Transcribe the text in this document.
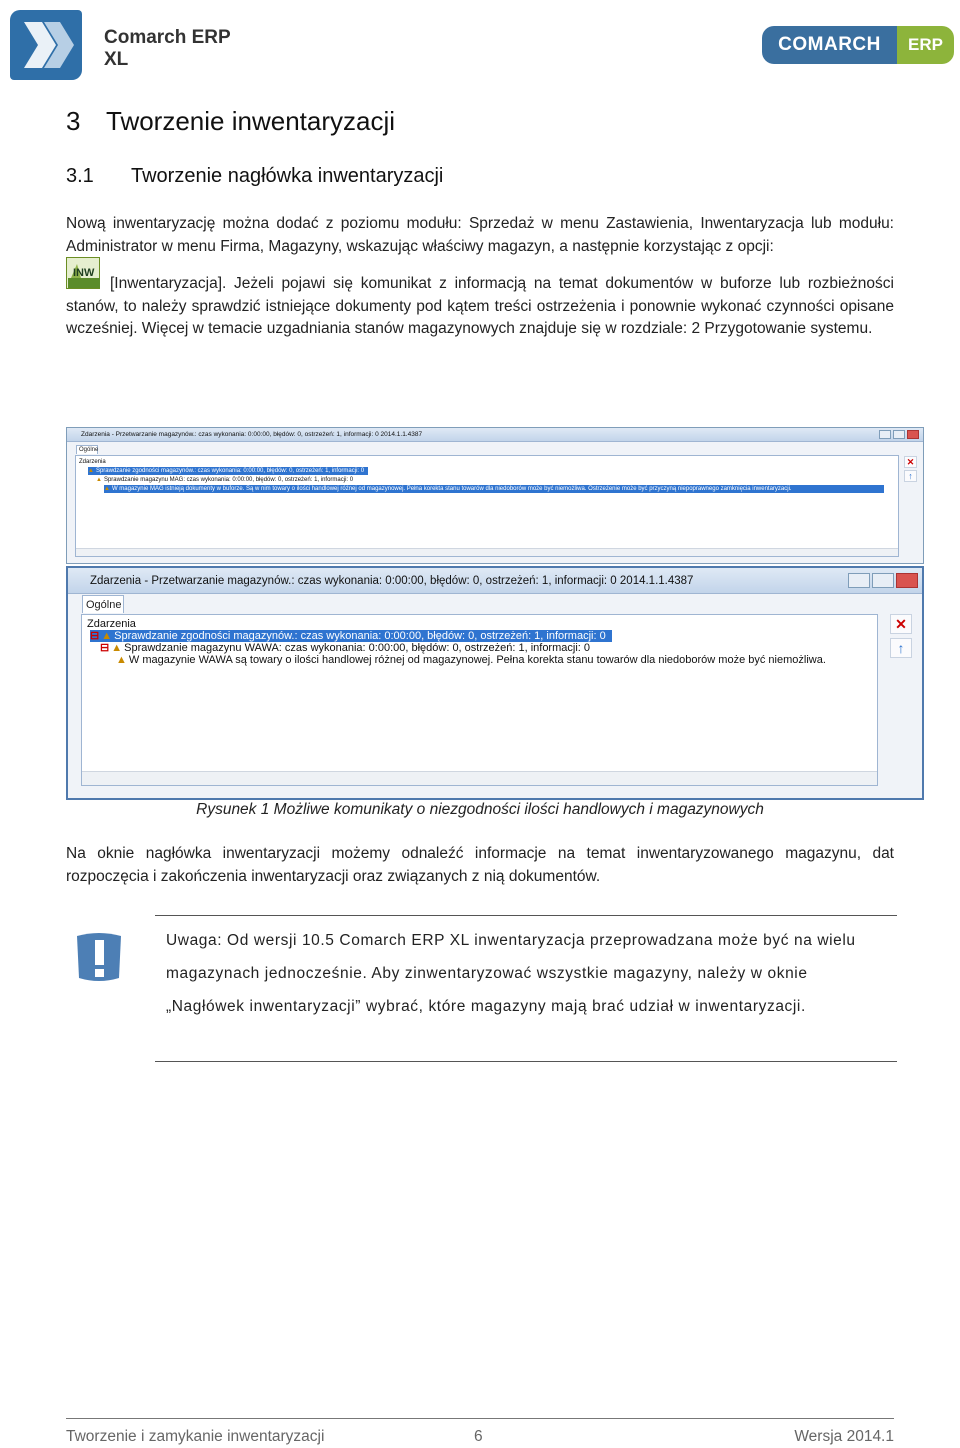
Comarch ERP
XL
COMARCH	ERP
3 Tworzenie inwentaryzacji
3.1 Tworzenie nagłówka inwentaryzacji
Nową inwentaryzację można dodać z poziomu modułu: Sprzedaż w menu Zastawienia, Inwentaryzacja lub modułu: Administrator w menu Firma, Magazyny, wskazując właściwy magazyn, a następnie korzystając z opcji:
[Inwentaryzacja]. Jeżeli pojawi się komunikat z informacją na temat dokumentów w buforze lub rozbieżności stanów, to należy sprawdzić istniejące dokumenty pod kątem treści ostrzeżenia i ponownie wykonać czynności opisane wcześniej. Więcej w temacie uzgadniania stanów magazynowych znajduje się w rozdziale: 2 Przygotowanie systemu.
INW
Zdarzenia - Przetwarzanie magazynów.: czas wykonania: 0:00:00, błędów: 0, ostrzeżeń: 1, informacji: 0 2014.1.1.4387
Ogólne
Zdarzenia
▲ Sprawdzanie zgodności magazynów.: czas wykonania: 0:00:00, błędów: 0, ostrzeżeń: 1, informacji: 0
▲ Sprawdzanie magazynu MAG: czas wykonania: 0:00:00, błędów: 0, ostrzeżeń: 1, informacji: 0
▲ W magazynie MAG istnieją dokumenty w buforze. Są w nim towary o ilości handlowej różnej od magazynowej. Pełna korekta stanu towarów dla niedoborów może być niemożliwa. Ostrzeżenie może być przyczyną niepoprawnego zamknięcia inwentaryzacji.
✕
↑
Zdarzenia - Przetwarzanie magazynów.: czas wykonania: 0:00:00, błędów: 0, ostrzeżeń: 1, informacji: 0 2014.1.1.4387
Ogólne
Zdarzenia
⊟ ▲ Sprawdzanie zgodności magazynów.: czas wykonania: 0:00:00, błędów: 0, ostrzeżeń: 1, informacji: 0
⊟ ▲ Sprawdzanie magazynu WAWA: czas wykonania: 0:00:00, błędów: 0, ostrzeżeń: 1, informacji: 0
▲ W magazynie WAWA są towary o ilości handlowej różnej od magazynowej. Pełna korekta stanu towarów dla niedoborów może być niemożliwa.
✕
↑
Rysunek 1 Możliwe komunikaty o niezgodności ilości handlowych i magazynowych
Na oknie nagłówka inwentaryzacji możemy odnaleźć informacje na temat inwentaryzowanego magazynu, dat rozpoczęcia i zakończenia inwentaryzacji oraz związanych z nią dokumentów.
Uwaga: Od wersji 10.5 Comarch ERP XL inwentaryzacja przeprowadzana może być na wielu magazynach jednocześnie. Aby zinwentaryzować wszystkie magazyny, należy w oknie „Nagłówek inwentaryzacji” wybrać, które magazyny mają brać udział w inwentaryzacji.
Tworzenie i zamykanie inwentaryzacji	6	Wersja 2014.1
